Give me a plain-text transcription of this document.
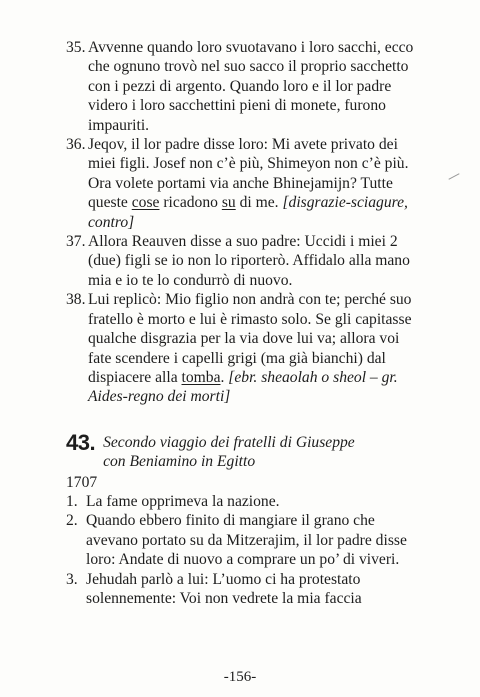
35. Avvenne quando loro svuotavano i loro sacchi, ecco che ognuno trovò nel suo sacco il proprio sacchetto con i pezzi di argento. Quando loro e il lor padre videro i loro sacchettini pieni di monete, furono impauriti.
36. Jeqov, il lor padre disse loro: Mi avete privato dei miei figli. Josef non c’è più, Shimeyon non c’è più. Ora volete portami via anche Bhinejamijn? Tutte queste cose ricadono su di me. [disgrazie-sciagure, contro]
37. Allora Reauven disse a suo padre: Uccidi i miei 2 (due) figli se io non lo riporterò. Affidalo alla mano mia e io te lo condurrò di nuovo.
38. Lui replicò: Mio figlio non andrà con te; perché suo fratello è morto e lui è rimasto solo. Se gli capitasse qualche disgrazia per la via dove lui va; allora voi fate scendere i capelli grigi (ma già bianchi) dal dispiacere alla tomba. [ebr. sheaolah o sheol – gr. Aides-regno dei morti]
43. Secondo viaggio dei fratelli di Giuseppe
con Beniamino in Egitto
1707
1. La fame opprimeva la nazione.
2. Quando ebbero finito di mangiare il grano che avevano portato su da Mitzerajim, il lor padre disse loro: Andate di nuovo a comprare un po’ di viveri.
3. Jehudah parlò a lui: L’uomo ci ha protestato solennemente: Voi non vedrete la mia faccia
-156-
